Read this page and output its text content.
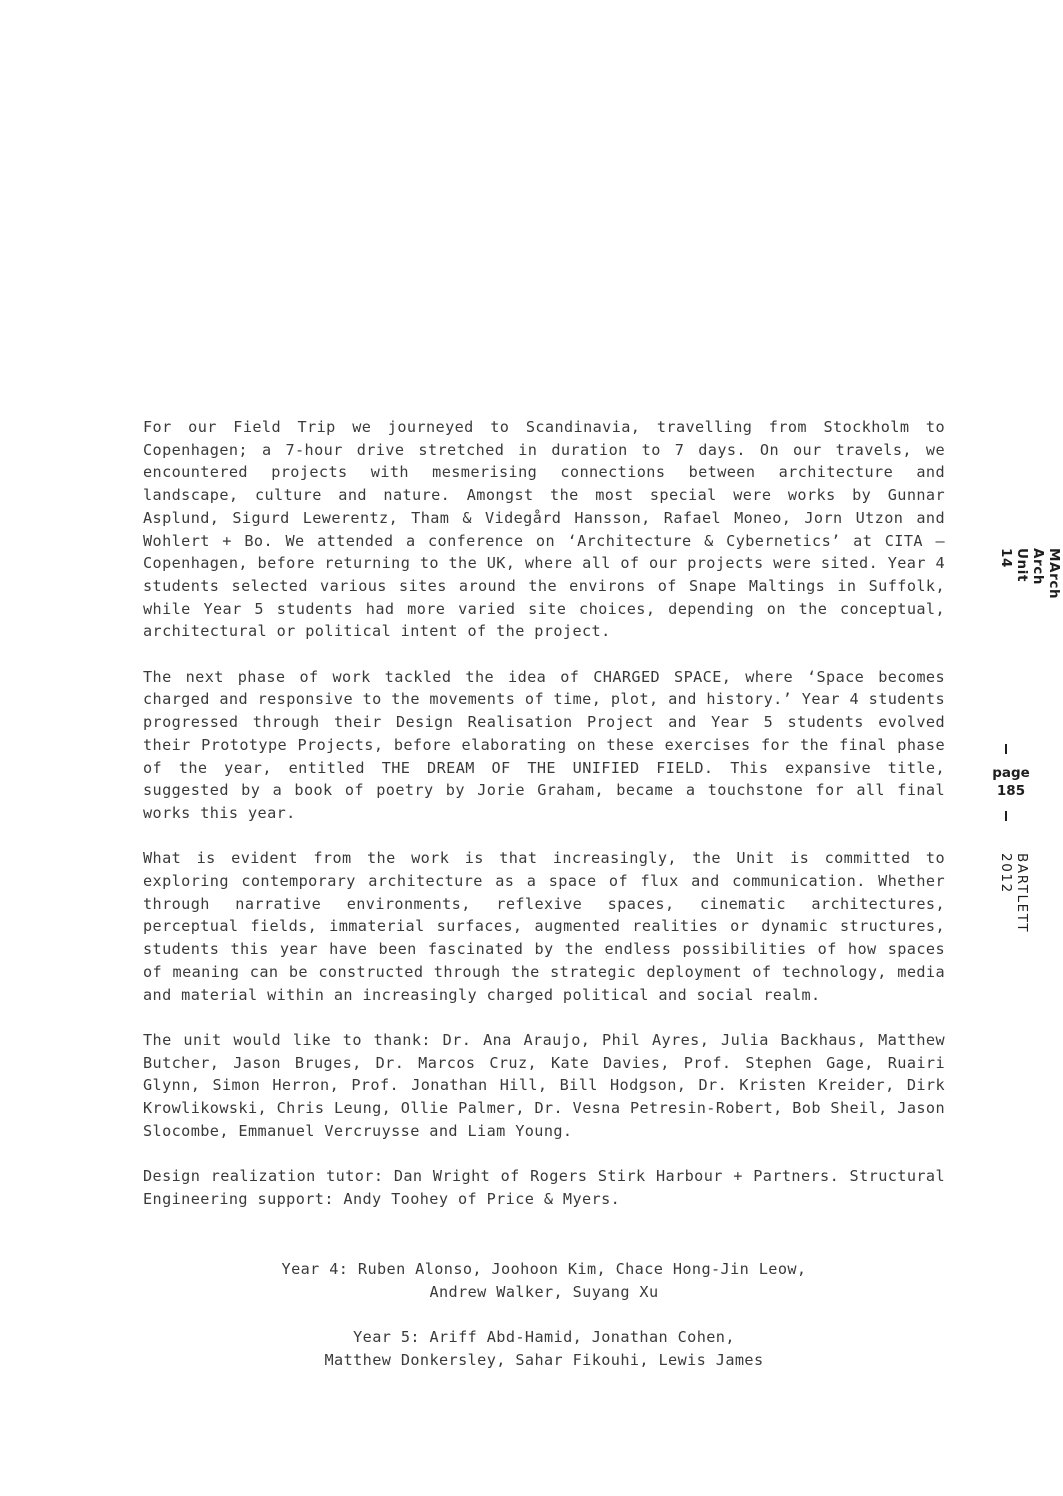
For our Field Trip we journeyed to Scandinavia, travelling from Stockholm to Copenhagen; a 7-hour drive stretched in duration to 7 days. On our travels, we encountered projects with mesmerising connections between architecture and landscape, culture and nature. Amongst the most special were works by Gunnar Asplund, Sigurd Lewerentz, Tham & Videgård Hansson, Rafael Moneo, Jorn Utzon and Wohlert + Bo. We attended a conference on ‘Architecture & Cybernetics’ at CITA – Copenhagen, before returning to the UK, where all of our projects were sited. Year 4 students selected various sites around the environs of Snape Maltings in Suffolk, while Year 5 students had more varied site choices, depending on the conceptual, architectural or political intent of the project.

The next phase of work tackled the idea of CHARGED SPACE, where ‘Space becomes charged and responsive to the movements of time, plot, and history.’ Year 4 students progressed through their Design Realisation Project and Year 5 students evolved their Prototype Projects, before elaborating on these exercises for the final phase of the year, entitled THE DREAM OF THE UNIFIED FIELD. This expansive title, suggested by a book of poetry by Jorie Graham, became a touchstone for all final works this year.

What is evident from the work is that increasingly, the Unit is committed to exploring contemporary architecture as a space of flux and communication. Whether through narrative environments, reflexive spaces, cinematic architectures, perceptual fields, immaterial surfaces, augmented realities or dynamic structures, students this year have been fascinated by the endless possibilities of how spaces of meaning can be constructed through the strategic deployment of technology, media and material within an increasingly charged political and social realm.

The unit would like to thank: Dr. Ana Araujo, Phil Ayres, Julia Backhaus, Matthew Butcher, Jason Bruges, Dr. Marcos Cruz, Kate Davies, Prof. Stephen Gage, Ruairi Glynn, Simon Herron, Prof. Jonathan Hill, Bill Hodgson, Dr. Kristen Kreider, Dirk Krowlikowski, Chris Leung, Ollie Palmer, Dr. Vesna Petresin-Robert, Bob Sheil, Jason Slocombe, Emmanuel Vercruysse and Liam Young.

Design realization tutor: Dan Wright of Rogers Stirk Harbour + Partners. Structural Engineering support: Andy Toohey of Price & Myers.

Year 4: Ruben Alonso, Joohoon Kim, Chace Hong-Jin Leow,
Andrew Walker, Suyang Xu

Year 5: Ariff Abd-Hamid, Jonathan Cohen,
Matthew Donkersley, Sahar Fikouhi, Lewis James

MArch Arch Unit 14
page
185
BARTLETT 2012
